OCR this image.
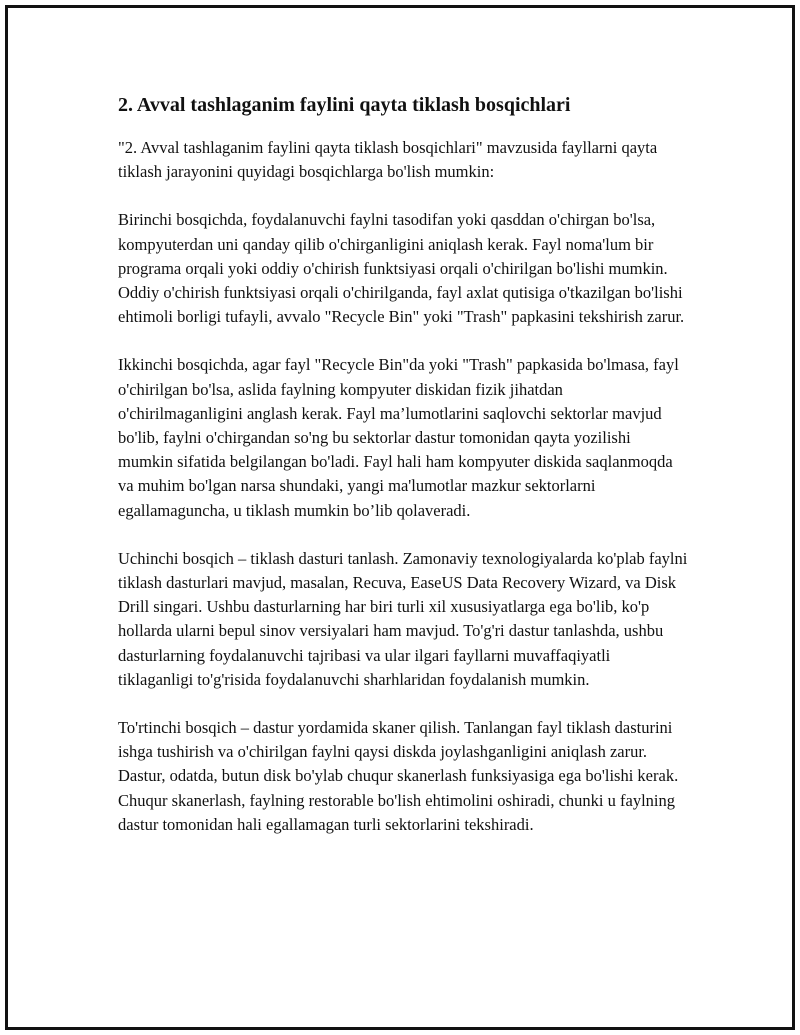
2. Avval tashlaganim faylini qayta tiklash bosqichlari

"2. Avval tashlaganim faylini qayta tiklash bosqichlari" mavzusida fayllarni qayta tiklash jarayonini quyidagi bosqichlarga bo'lish mumkin:

Birinchi bosqichda, foydalanuvchi faylni tasodifan yoki qasddan o'chirgan bo'lsa, kompyuterdan uni qanday qilib o'chirganligini aniqlash kerak. Fayl noma'lum bir programa orqali yoki oddiy o'chirish funktsiyasi orqali o'chirilgan bo'lishi mumkin. Oddiy o'chirish funktsiyasi orqali o'chirilganda, fayl axlat qutisiga o'tkazilgan bo'lishi ehtimoli borligi tufayli, avvalo "Recycle Bin" yoki "Trash" papkasini tekshirish zarur.

Ikkinchi bosqichda, agar fayl "Recycle Bin"da yoki "Trash" papkasida bo'lmasa, fayl o'chirilgan bo'lsa, aslida faylning kompyuter diskidan fizik jihatdan o'chirilmaganligini anglash kerak. Fayl ma’lumotlarini saqlovchi sektorlar mavjud bo'lib, faylni o'chirgandan so'ng bu sektorlar dastur tomonidan qayta yozilishi mumkin sifatida belgilangan bo'ladi. Fayl hali ham kompyuter diskida saqlanmoqda va muhim bo'lgan narsa shundaki, yangi ma'lumotlar mazkur sektorlarni egallamaguncha, u tiklash mumkin bo’lib qolaveradi.

Uchinchi bosqich – tiklash dasturi tanlash. Zamonaviy texnologiyalarda ko'plab faylni tiklash dasturlari mavjud, masalan, Recuva, EaseUS Data Recovery Wizard, va Disk Drill singari. Ushbu dasturlarning har biri turli xil xususiyatlarga ega bo'lib, ko'p hollarda ularni bepul sinov versiyalari ham mavjud. To'g'ri dastur tanlashda, ushbu dasturlarning foydalanuvchi tajribasi va ular ilgari fayllarni muvaffaqiyatli tiklaganligi to'g'risida foydalanuvchi sharhlaridan foydalanish mumkin.

To'rtinchi bosqich – dastur yordamida skaner qilish. Tanlangan fayl tiklash dasturini ishga tushirish va o'chirilgan faylni qaysi diskda joylashganligini aniqlash zarur. Dastur, odatda, butun disk bo'ylab chuqur skanerlash funksiyasiga ega bo'lishi kerak. Chuqur skanerlash, faylning restorable bo'lish ehtimolini oshiradi, chunki u faylning dastur tomonidan hali egallamagan turli sektorlarini tekshiradi.
